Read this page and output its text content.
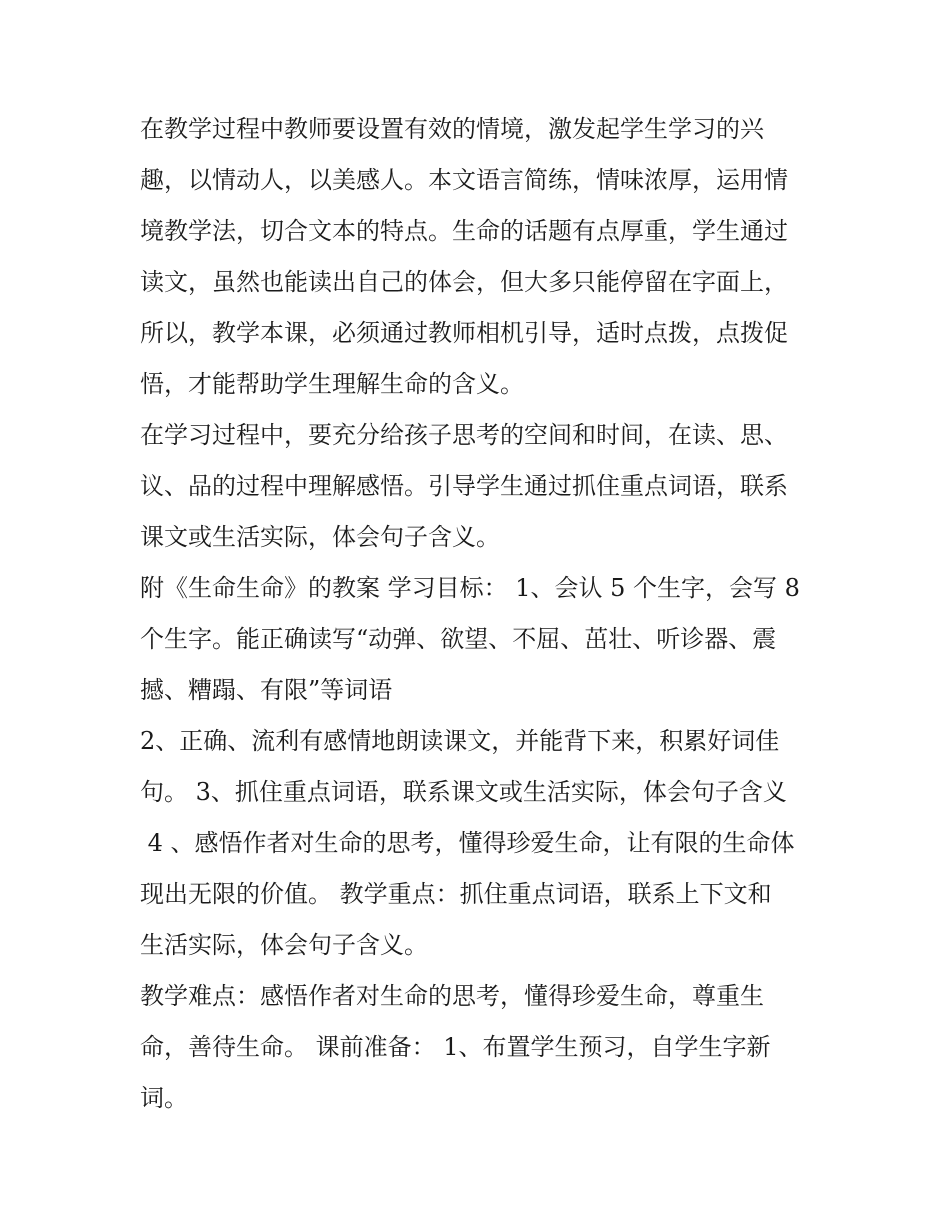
在教学过程中教师要设置有效的情境，激发起学生学习的兴
趣，以情动人，以美感人。本文语言简练，情味浓厚，运用情
境教学法，切合文本的特点。生命的话题有点厚重，学生通过
读文，虽然也能读出自己的体会，但大多只能停留在字面上，
所以，教学本课，必须通过教师相机引导，适时点拨，点拨促
悟，才能帮助学生理解生命的含义。
在学习过程中，要充分给孩子思考的空间和时间，在读、思、
议、品的过程中理解感悟。引导学生通过抓住重点词语，联系
课文或生活实际，体会句子含义。
附《生命生命》的教案 学习目标： 1、会认 5 个生字，会写 8
个生字。能正确读写“动弹、欲望、不屈、茁壮、听诊器、震
撼、糟蹋、有限”等词语
2、正确、流利有感情地朗读课文，并能背下来，积累好词佳
句。 3、抓住重点词语，联系课文或生活实际，体会句子含义
4 、感悟作者对生命的思考，懂得珍爱生命，让有限的生命体
现出无限的价值。 教学重点：抓住重点词语，联系上下文和
生活实际，体会句子含义。
教学难点：感悟作者对生命的思考，懂得珍爱生命，尊重生
命，善待生命。 课前准备： 1、布置学生预习，自学生字新
词。
